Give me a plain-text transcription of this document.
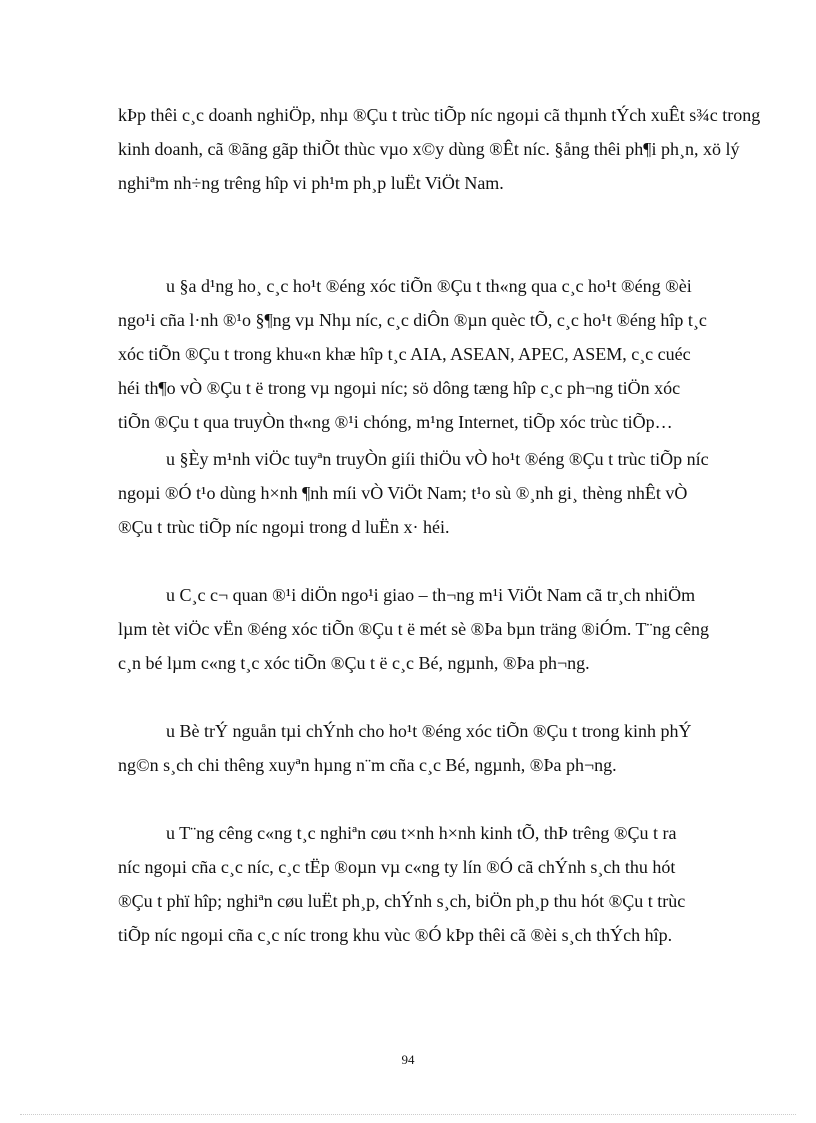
kÞp thêi c¸c doanh nghiÖp, nhµ ®Çu t trùc tiÕp níc ngoµi cã thµnh tÝch xuÊt s¾c trong
kinh doanh, cã ®ãng gãp thiÕt thùc vµo x©y dùng ®Êt níc. §ång thêi ph¶i ph¸n, xö lý
nghiªm nh÷ng trêng hîp vi ph¹m ph¸p luËt ViÖt Nam.
u §a d¹ng ho¸ c¸c ho¹t ®éng xóc tiÕn ®Çu t th«ng qua c¸c ho¹t ®éng ®èi
ngo¹i cña l·nh ®¹o §¶ng vµ Nhµ níc, c¸c diÔn ®µn quèc tÕ, c¸c ho¹t ®éng hîp t¸c
xóc tiÕn ®Çu t trong khu«n khæ hîp t¸c AIA, ASEAN, APEC, ASEM, c¸c cuéc
héi th¶o vÒ ®Çu t ë trong vµ ngoµi níc; sö dông tæng hîp c¸c ph¬ng tiÖn xóc
tiÕn ®Çu t qua truyÒn th«ng ®¹i chóng, m¹ng Internet, tiÕp xóc trùc tiÕp…
u §Èy m¹nh viÖc tuyªn truyÒn giíi thiÖu vÒ ho¹t ®éng ®Çu t trùc tiÕp níc
ngoµi ®Ó t¹o dùng h×nh ¶nh míi vÒ ViÖt Nam; t¹o sù ®¸nh gi¸ thèng nhÊt vÒ
®Çu t trùc tiÕp níc ngoµi trong d luËn x· héi.
u C¸c c¬ quan ®¹i diÖn ngo¹i giao – th¬ng m¹i ViÖt Nam cã tr¸ch nhiÖm
lµm tèt viÖc vËn ®éng xóc tiÕn ®Çu t ë mét sè ®Þa bµn träng ®iÓm. T¨ng cêng
c¸n bé lµm c«ng t¸c xóc tiÕn ®Çu t ë c¸c Bé, ngµnh, ®Þa ph¬ng.
u Bè trÝ nguån tµi chÝnh cho ho¹t ®éng xóc tiÕn ®Çu t trong kinh phÝ
ng©n s¸ch chi thêng xuyªn hµng n¨m cña c¸c Bé, ngµnh, ®Þa ph¬ng.
u T¨ng cêng c«ng t¸c nghiªn cøu t×nh h×nh kinh tÕ, thÞ trêng ®Çu t ra
níc ngoµi cña c¸c níc, c¸c tËp ®oµn vµ c«ng ty lín ®Ó cã chÝnh s¸ch thu hót
®Çu t phï hîp; nghiªn cøu luËt ph¸p, chÝnh s¸ch, biÖn ph¸p thu hót ®Çu t trùc
tiÕp níc ngoµi cña c¸c níc trong khu vùc ®Ó kÞp thêi cã ®èi s¸ch thÝch hîp.
94
